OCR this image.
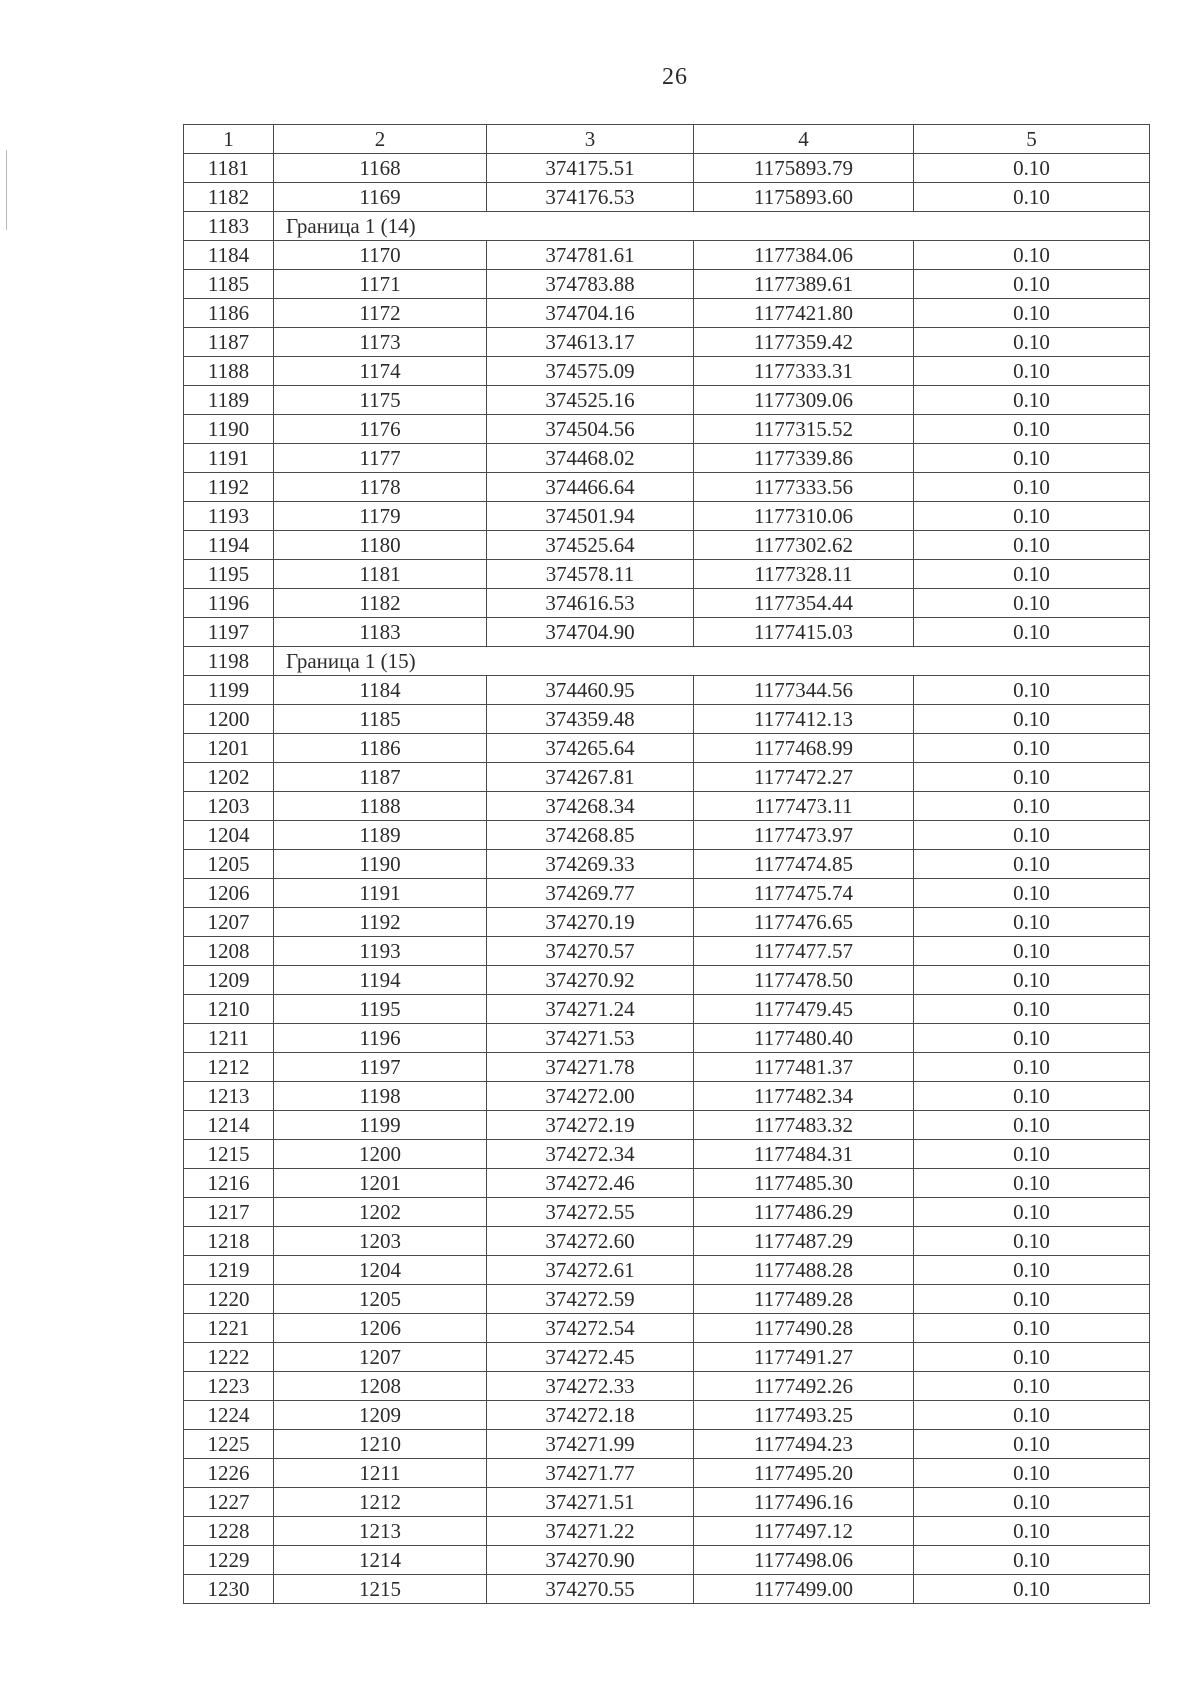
26
1	2	3	4	5
1181	1168	374175.51	1175893.79	0.10
1182	1169	374176.53	1175893.60	0.10
1183	Граница 1 (14)			
1184	1170	374781.61	1177384.06	0.10
1185	1171	374783.88	1177389.61	0.10
1186	1172	374704.16	1177421.80	0.10
1187	1173	374613.17	1177359.42	0.10
1188	1174	374575.09	1177333.31	0.10
1189	1175	374525.16	1177309.06	0.10
1190	1176	374504.56	1177315.52	0.10
1191	1177	374468.02	1177339.86	0.10
1192	1178	374466.64	1177333.56	0.10
1193	1179	374501.94	1177310.06	0.10
1194	1180	374525.64	1177302.62	0.10
1195	1181	374578.11	1177328.11	0.10
1196	1182	374616.53	1177354.44	0.10
1197	1183	374704.90	1177415.03	0.10
1198	Граница 1 (15)			
1199	1184	374460.95	1177344.56	0.10
1200	1185	374359.48	1177412.13	0.10
1201	1186	374265.64	1177468.99	0.10
1202	1187	374267.81	1177472.27	0.10
1203	1188	374268.34	1177473.11	0.10
1204	1189	374268.85	1177473.97	0.10
1205	1190	374269.33	1177474.85	0.10
1206	1191	374269.77	1177475.74	0.10
1207	1192	374270.19	1177476.65	0.10
1208	1193	374270.57	1177477.57	0.10
1209	1194	374270.92	1177478.50	0.10
1210	1195	374271.24	1177479.45	0.10
1211	1196	374271.53	1177480.40	0.10
1212	1197	374271.78	1177481.37	0.10
1213	1198	374272.00	1177482.34	0.10
1214	1199	374272.19	1177483.32	0.10
1215	1200	374272.34	1177484.31	0.10
1216	1201	374272.46	1177485.30	0.10
1217	1202	374272.55	1177486.29	0.10
1218	1203	374272.60	1177487.29	0.10
1219	1204	374272.61	1177488.28	0.10
1220	1205	374272.59	1177489.28	0.10
1221	1206	374272.54	1177490.28	0.10
1222	1207	374272.45	1177491.27	0.10
1223	1208	374272.33	1177492.26	0.10
1224	1209	374272.18	1177493.25	0.10
1225	1210	374271.99	1177494.23	0.10
1226	1211	374271.77	1177495.20	0.10
1227	1212	374271.51	1177496.16	0.10
1228	1213	374271.22	1177497.12	0.10
1229	1214	374270.90	1177498.06	0.10
1230	1215	374270.55	1177499.00	0.10
